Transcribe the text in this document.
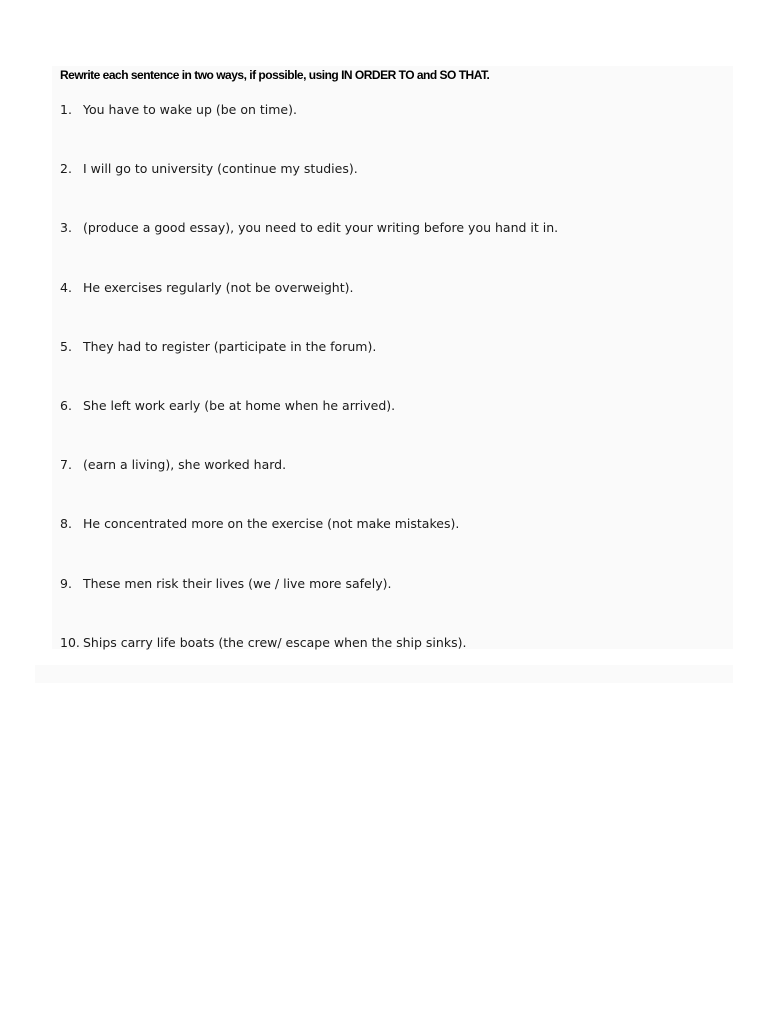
Rewrite each sentence in two ways, if possible, using IN ORDER TO and SO THAT.
1. You have to wake up (be on time).
2. I will go to university (continue my studies).
3. (produce a good essay), you need to edit your writing before you hand it in.
4. He exercises regularly (not be overweight).
5. They had to register (participate in the forum).
6. She left work early (be at home when he arrived).
7. (earn a living), she worked hard.
8. He concentrated more on the exercise (not make mistakes).
9. These men risk their lives (we / live more safely).
10. Ships carry life boats (the crew/ escape when the ship sinks).
